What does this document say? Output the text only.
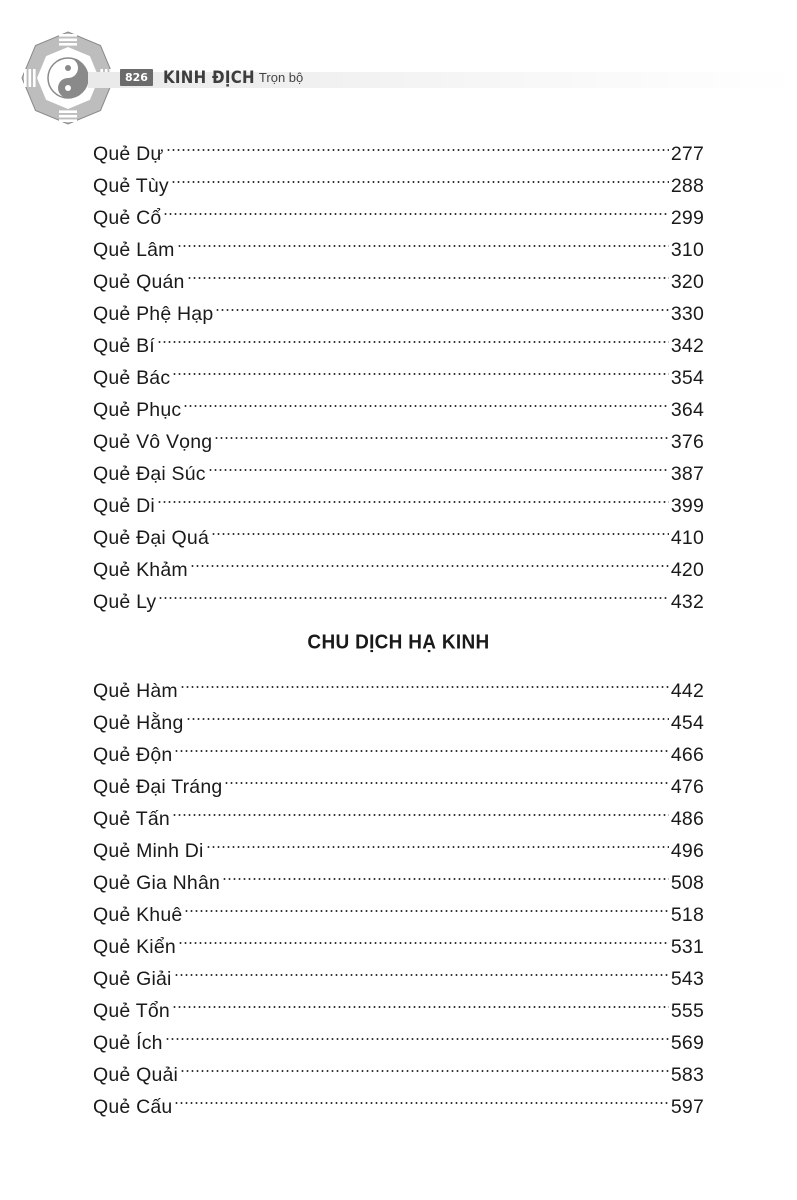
826	KINH ĐỊCH Trọn bộ
Quẻ Dự	277
Quẻ Tùy	288
Quẻ Cổ	299
Quẻ Lâm	310
Quẻ Quán	320
Quẻ Phệ Hạp	330
Quẻ Bí	342
Quẻ Bác	354
Quẻ Phục	364
Quẻ Vô Vọng	376
Quẻ Đại Súc	387
Quẻ Di	399
Quẻ Đại Quá	410
Quẻ Khảm	420
Quẻ Ly	432
CHU DỊCH HẠ KINH
Quẻ Hàm	442
Quẻ Hằng	454
Quẻ Độn	466
Quẻ Đại Tráng	476
Quẻ Tấn	486
Quẻ Minh Di	496
Quẻ Gia Nhân	508
Quẻ Khuê	518
Quẻ Kiển	531
Quẻ Giải	543
Quẻ Tổn	555
Quẻ Ích	569
Quẻ Quải	583
Quẻ Cấu	597
